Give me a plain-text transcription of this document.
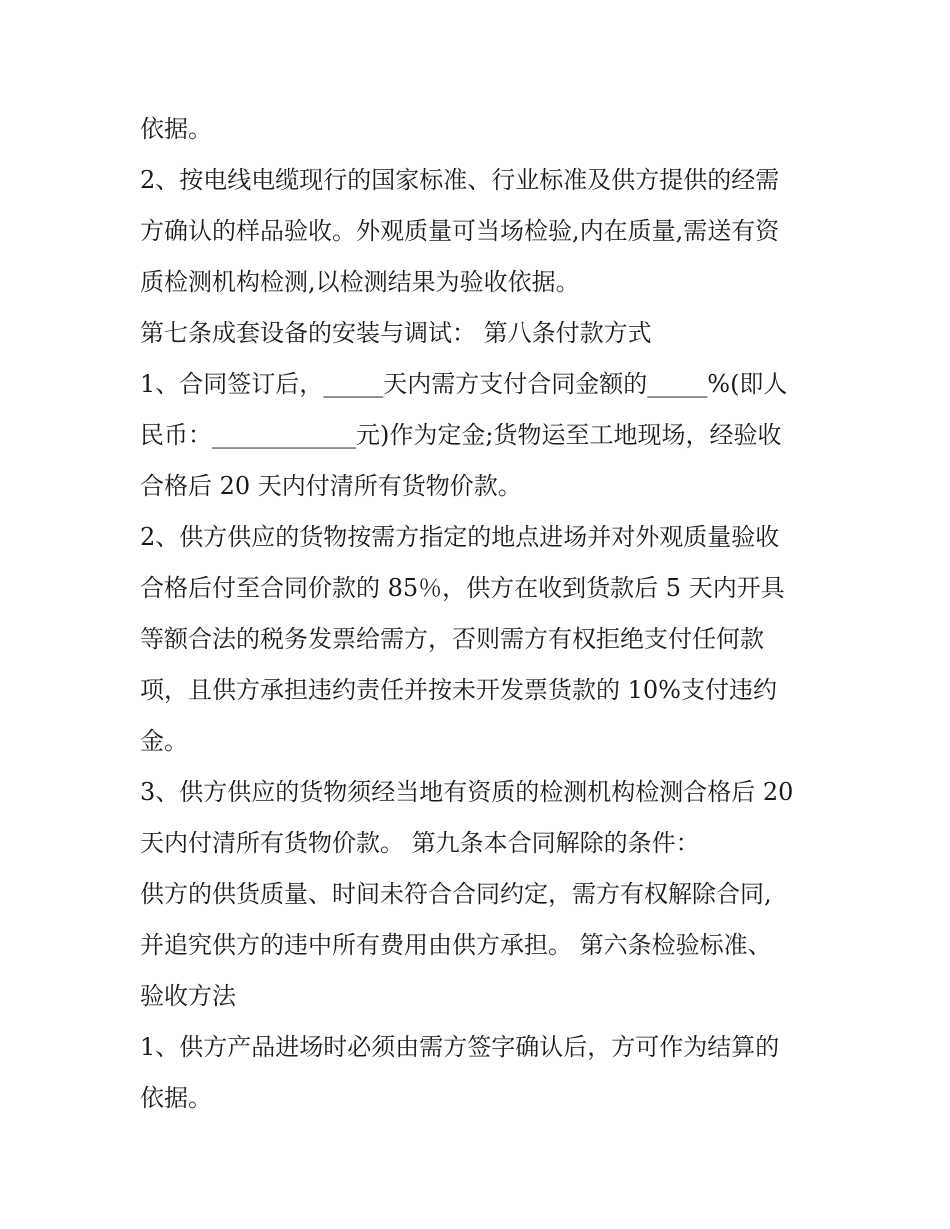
依据。
2、按电线电缆现行的国家标准、行业标准及供方提供的经需
方确认的样品验收。外观质量可当场检验,内在质量,需送有资
质检测机构检测,以检测结果为验收依据。
第七条成套设备的安装与调试： 第八条付款方式
1、合同签订后，_____天内需方支付合同金额的_____%(即人
民币：____________元)作为定金;货物运至工地现场，经验收
合格后 20 天内付清所有货物价款。
2、供方供应的货物按需方指定的地点进场并对外观质量验收
合格后付至合同价款的 85％，供方在收到货款后 5 天内开具
等额合法的税务发票给需方，否则需方有权拒绝支付任何款
项，且供方承担违约责任并按未开发票货款的 10%支付违约
金。
3、供方供应的货物须经当地有资质的检测机构检测合格后 20
天内付清所有货物价款。 第九条本合同解除的条件：
供方的供货质量、时间未符合合同约定，需方有权解除合同,
并追究供方的违中所有费用由供方承担。 第六条检验标准、
验收方法
1、供方产品进场时必须由需方签字确认后，方可作为结算的
依据。
